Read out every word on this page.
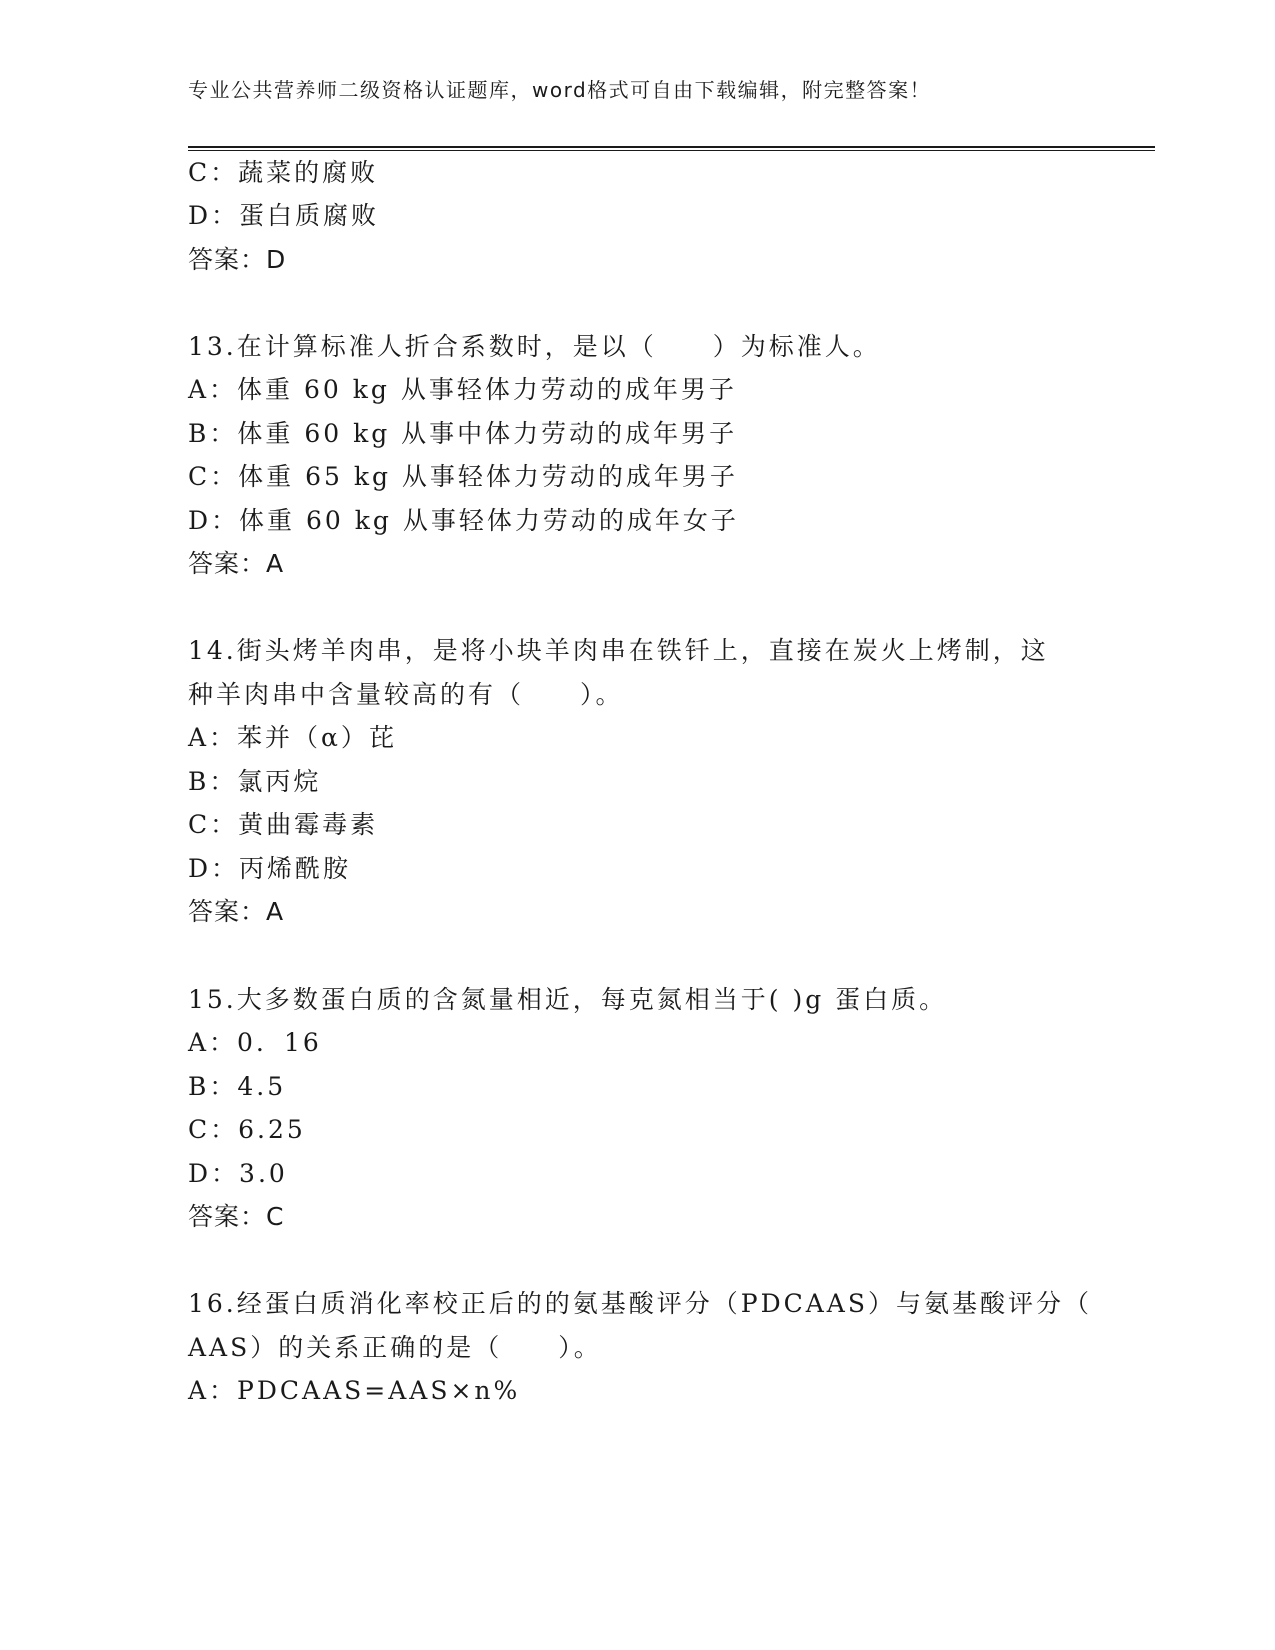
专业公共营养师二级资格认证题库，word格式可自由下载编辑，附完整答案！
C：蔬菜的腐败
D：蛋白质腐败
答案：D
13.在计算标准人折合系数时，是以（　　）为标准人。
A：体重 60 kg 从事轻体力劳动的成年男子
B：体重 60 kg 从事中体力劳动的成年男子
C：体重 65 kg 从事轻体力劳动的成年男子
D：体重 60 kg 从事轻体力劳动的成年女子
答案：A
14.街头烤羊肉串，是将小块羊肉串在铁钎上，直接在炭火上烤制，这
种羊肉串中含量较高的有（　　）。
A：苯并（α）芘
B：氯丙烷
C：黄曲霉毒素
D：丙烯酰胺
答案：A
15.大多数蛋白质的含氮量相近，每克氮相当于( )g 蛋白质。
A：0．16
B：4.5
C：6.25
D：3.0
答案：C
16.经蛋白质消化率校正后的的氨基酸评分（PDCAAS）与氨基酸评分（
AAS）的关系正确的是（　　）。
A：PDCAAS=AAS×n%
